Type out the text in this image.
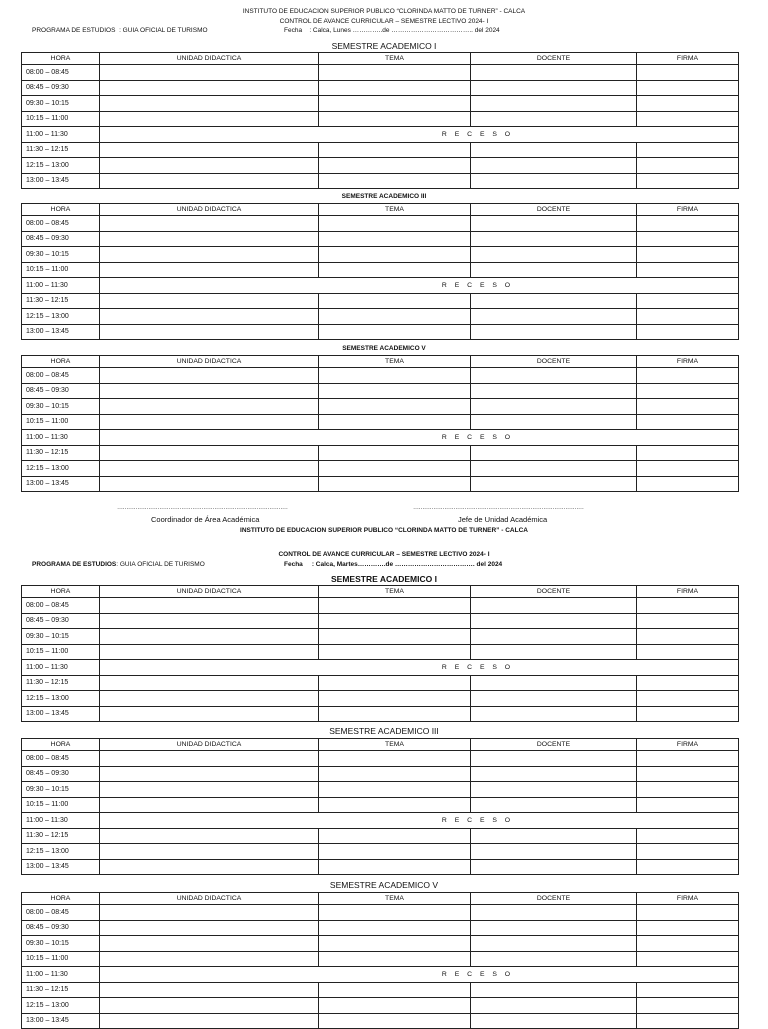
INSTITUTO DE EDUCACION SUPERIOR PUBLICO “CLORINDA MATTO DE TURNER” - CALCA
CONTROL DE AVANCE CURRICULAR – SEMESTRE LECTIVO 2024- I
PROGRAMA DE ESTUDIOS : GUIA OFICIAL DE TURISMO	Fecha : Calca, Lunes …………..de ……………………………….. del 2024
SEMESTRE ACADEMICO I
HORA	UNIDAD DIDACTICA	TEMA	DOCENTE	FIRMA
08:00 – 08:45				
08:45 – 09:30				
09:30 – 10:15				
10:15 – 11:00				
11:00 – 11:30		R E C E S O		
11:30 – 12:15				
12:15 – 13:00				
13:00 – 13:45				
SEMESTRE ACADEMICO III
HORA	UNIDAD DIDACTICA	TEMA	DOCENTE	FIRMA
08:00 – 08:45				
08:45 – 09:30				
09:30 – 10:15				
10:15 – 11:00				
11:00 – 11:30		R E C E S O		
11:30 – 12:15				
12:15 – 13:00				
13:00 – 13:45				
SEMESTRE ACADEMICO V
HORA	UNIDAD DIDACTICA	TEMA	DOCENTE	FIRMA
08:00 – 08:45				
08:45 – 09:30				
09:30 – 10:15				
10:15 – 11:00				
11:00 – 11:30		R E C E S O		
11:30 – 12:15				
12:15 – 13:00				
13:00 – 13:45				
…………………………………………………………………………………	…………………………………………………………………………………
Coordinador de Área Académica	Jefe de Unidad Académica
INSTITUTO DE EDUCACION SUPERIOR PUBLICO “CLORINDA MATTO DE TURNER” - CALCA
CONTROL DE AVANCE CURRICULAR – SEMESTRE LECTIVO 2024- I
PROGRAMA DE ESTUDIOS: GUIA OFICIAL DE TURISMO	Fecha : Calca, Martes………….de ………………………………. del 2024
SEMESTRE ACADEMICO I
HORA	UNIDAD DIDACTICA	TEMA	DOCENTE	FIRMA
08:00 – 08:45				
08:45 – 09:30				
09:30 – 10:15				
10:15 – 11:00				
11:00 – 11:30		R E C E S O		
11:30 – 12:15				
12:15 – 13:00				
13:00 – 13:45				
SEMESTRE ACADEMICO III
HORA	UNIDAD DIDACTICA	TEMA	DOCENTE	FIRMA
08:00 – 08:45				
08:45 – 09:30				
09:30 – 10:15				
10:15 – 11:00				
11:00 – 11:30		R E C E S O		
11:30 – 12:15				
12:15 – 13:00				
13:00 – 13:45				
SEMESTRE ACADEMICO V
HORA	UNIDAD DIDACTICA	TEMA	DOCENTE	FIRMA
08:00 – 08:45				
08:45 – 09:30				
09:30 – 10:15				
10:15 – 11:00				
11:00 – 11:30		R E C E S O		
11:30 – 12:15				
12:15 – 13:00				
13:00 – 13:45				
